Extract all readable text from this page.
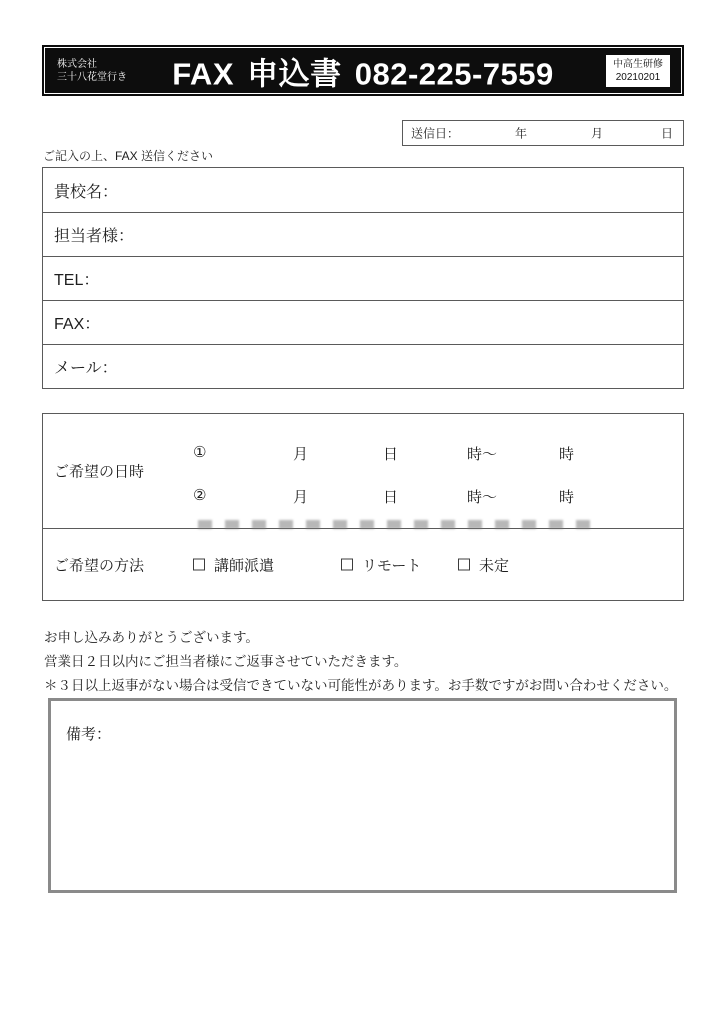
株式会社
三十八花堂行き	FAX 申込書 082-225-7559	中高生研修
20210201
送信日：	年	月	日
ご記入の上、FAX 送信ください
貴校名：
担当者様：
TEL：
FAX：
メール：
ご希望の日時
①	月	日	時～	時
②	月	日	時～	時
ご希望の方法	講師派遣	リモート	未定
お申し込みありがとうございます。
営業日２日以内にご担当者様にご返事させていただきます。
＊３日以上返事がない場合は受信できていない可能性があります。お手数ですがお問い合わせください。
備考：
